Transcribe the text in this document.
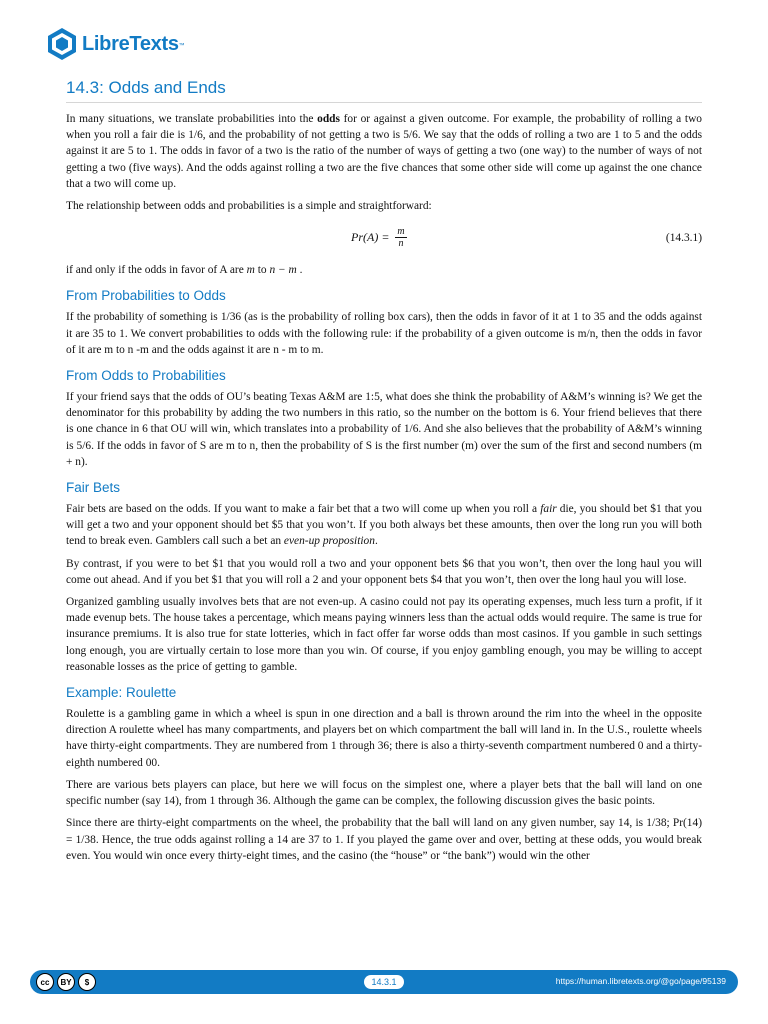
LibreTexts ™
14.3: Odds and Ends

In many situations, we translate probabilities into the odds for or against a given outcome. For example, the probability of rolling a two when you roll a fair die is 1/6, and the probability of not getting a two is 5/6. We say that the odds of rolling a two are 1 to 5 and the odds against it are 5 to 1. The odds in favor of a two is the ratio of the number of ways of getting a two (one way) to the number of ways of not getting a two (five ways). And the odds against rolling a two are the five chances that some other side will come up against the one chance that a two will come up.

The relationship between odds and probabilities is a simple and straightforward:

$Pr(A) = \frac{m}{n}$	(14.3.1)

if and only if the odds in favor of A are m to n − m .

From Probabilities to Odds

If the probability of something is 1/36 (as is the probability of rolling box cars), then the odds in favor of it at 1 to 35 and the odds against it are 35 to 1. We convert probabilities to odds with the following rule: if the probability of a given outcome is m/n, then the odds in favor of it are m to n -m and the odds against it are n - m to m.

From Odds to Probabilities

If your friend says that the odds of OU’s beating Texas A&M are 1:5, what does she think the probability of A&M’s winning is? We get the denominator for this probability by adding the two numbers in this ratio, so the number on the bottom is 6. Your friend believes that there is one chance in 6 that OU will win, which translates into a probability of 1/6. And she also believes that the probability of A&M’s winning is 5/6. If the odds in favor of S are m to n, then the probability of S is the first number (m) over the sum of the first and second numbers (m + n).

Fair Bets

Fair bets are based on the odds. If you want to make a fair bet that a two will come up when you roll a fair die, you should bet $1 that you will get a two and your opponent should bet $5 that you won’t. If you both always bet these amounts, then over the long run you will both tend to break even. Gamblers call such a bet an even-up proposition.

By contrast, if you were to bet $1 that you would roll a two and your opponent bets $6 that you won’t, then over the long haul you will come out ahead. And if you bet $1 that you will roll a 2 and your opponent bets $4 that you won’t, then over the long haul you will lose.

Organized gambling usually involves bets that are not even-up. A casino could not pay its operating expenses, much less turn a profit, if it made evenup bets. The house takes a percentage, which means paying winners less than the actual odds would require. The same is true for insurance premiums. It is also true for state lotteries, which in fact offer far worse odds than most casinos. If you gamble in such settings long enough, you are virtually certain to lose more than you win. Of course, if you enjoy gambling enough, you may be willing to accept reasonable losses as the price of getting to gamble.

Example: Roulette

Roulette is a gambling game in which a wheel is spun in one direction and a ball is thrown around the rim into the wheel in the opposite direction A roulette wheel has many compartments, and players bet on which compartment the ball will land in. In the U.S., roulette wheels have thirty-eight compartments. They are numbered from 1 through 36; there is also a thirty-seventh compartment numbered 0 and a thirty-eighth numbered 00.

There are various bets players can place, but here we will focus on the simplest one, where a player bets that the ball will land on one specific number (say 14), from 1 through 36. Although the game can be complex, the following discussion gives the basic points.

Since there are thirty-eight compartments on the wheel, the probability that the ball will land on any given number, say 14, is 1/38; Pr(14) = 1/38. Hence, the true odds against rolling a 14 are 37 to 1. If you played the game over and over, betting at these odds, you would break even. You would win once every thirty-eight times, and the casino (the “house” or “the bank”) would win the other

cc	BY	$	14.3.1	https://human.libretexts.org/@go/page/95139
